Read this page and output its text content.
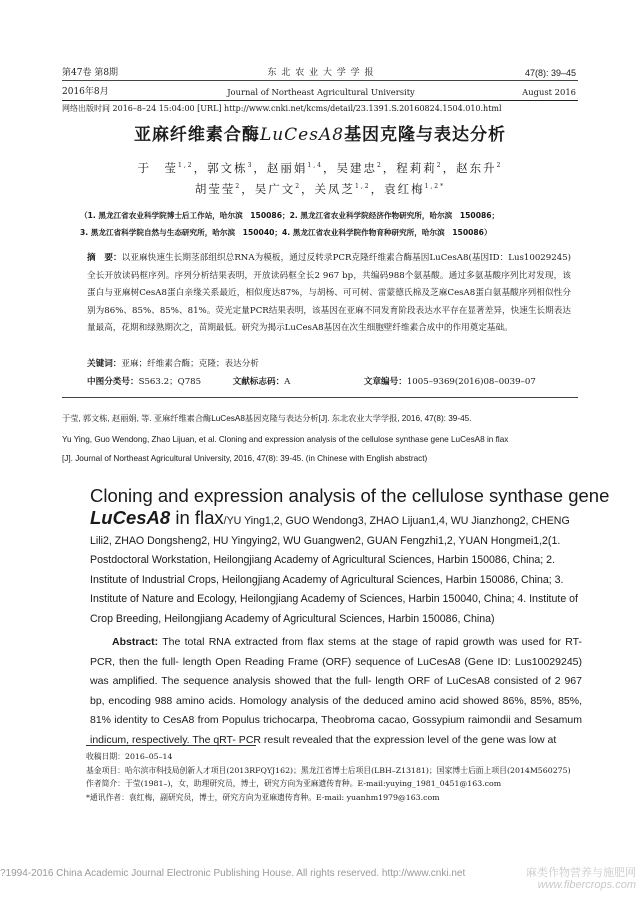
第47卷 第8期	东 北 农 业 大 学 学 报	47(8): 39–45
2016年8月	Journal of Northeast Agricultural University	August 2016
网络出版时间 2016–8–24 15:04:00 [URL] http://www.cnki.net/kcms/detail/23.1391.S.20160824.1504.010.html
亚麻纤维素合酶LuCesA8基因克隆与表达分析
于　莹$^{1,2}$，郭文栋$^3$，赵丽娟$^{1,4}$，吴建忠$^2$，程莉莉$^2$，赵东升$^2$
胡莹莹$^2$，吴广文$^2$，关凤芝$^{1,2}$，袁红梅$^{1,2*}$
（1. 黑龙江省农业科学院博士后工作站，哈尔滨　150086；2. 黑龙江省农业科学院经济作物研究所，哈尔滨　150086；
3. 黑龙江省科学院自然与生态研究所，哈尔滨　150040；4. 黑龙江省农业科学院作物育种研究所，哈尔滨　150086）
摘　要：以亚麻快速生长期茎部组织总RNA为模板，通过反转录PCR克隆纤维素合酶基因LuCesA8(基因ID：Lus10029245)全长开放读码框序列。序列分析结果表明，开放读码框全长2 967 bp，共编码988个氨基酸。通过多氨基酸序列比对发现，该蛋白与亚麻树CesA8蛋白亲缘关系最近，相似度达87%，与胡杨、可可树、雷蒙德氏棉及芝麻CesA8蛋白氨基酸序列相似性分别为86%、85%、85%、81%。荧光定量PCR结果表明，该基因在亚麻不同发育阶段表达水平存在显著差异，快速生长期表达量最高，花期和绿熟期次之，苗期最低。研究为揭示LuCesA8基因在次生细胞壁纤维素合成中的作用奠定基础。
关键词：亚麻；纤维素合酶；克隆；表达分析
中图分类号：S563.2；Q785	文献标志码：A	文章编号：1005–9369(2016)08–0039–07
于莹, 郭文栋, 赵丽娟, 等. 亚麻纤维素合酶LuCesA8基因克隆与表达分析[J]. 东北农业大学学报, 2016, 47(8): 39-45.
Yu Ying, Guo Wendong, Zhao Lijuan, et al. Cloning and expression analysis of the cellulose synthase gene LuCesA8 in flax
[J]. Journal of Northeast Agricultural University, 2016, 47(8): 39-45. (in Chinese with English abstract)
Cloning and expression analysis of the cellulose synthase gene
LuCesA8 in flax/YU Ying1,2, GUO Wendong3, ZHAO Lijuan1,4, WU Jianzhong2, CHENG Lili2, ZHAO Dongsheng2, HU Yingying2, WU Guangwen2, GUAN Fengzhi1,2, YUAN Hongmei1,2(1. Postdoctoral Workstation, Heilongjiang Academy of Agricultural Sciences, Harbin 150086, China; 2. Institute of Industrial Crops, Heilongjiang Academy of Agricultural Sciences, Harbin 150086, China; 3. Institute of Nature and Ecology, Heilongjiang Academy of Sciences, Harbin 150040, China; 4. Institute of Crop Breeding, Heilongjiang Academy of Agricultural Sciences, Harbin 150086, China)
Abstract: The total RNA extracted from flax stems at the stage of rapid growth was used for RT-PCR, then the full- length Open Reading Frame (ORF) sequence of LuCesA8 (Gene ID: Lus10029245) was amplified. The sequence analysis showed that the full- length ORF of LuCesA8 consisted of 2 967 bp, encoding 988 amino acids. Homology analysis of the deduced amino acid showed 86%, 85%, 85%, 81% identity to CesA8 from Populus trichocarpa, Theobroma cacao, Gossypium raimondii and Sesamum indicum, respectively. The qRT- PCR result revealed that the expression level of the gene was low at
收稿日期：2016–05–14
基金项目：哈尔滨市科技局创新人才项目(2013RFQYJ162)；黑龙江省博士后项目(LBH–Z13181)；国家博士后面上项目(2014M560275)
作者简介：于莹(1981–)，女，助理研究员，博士，研究方向为亚麻遗传育种。E-mail:yuying_1981_0451@163.com
*通讯作者：袁红梅，副研究员，博士，研究方向为亚麻遗传育种。E-mail: yuanhm1979@163.com
?1994-2016 China Academic Journal Electronic Publishing House. All rights reserved. http://www.cnki.net	麻类作物营养与施肥网
www.fibercrops.com
